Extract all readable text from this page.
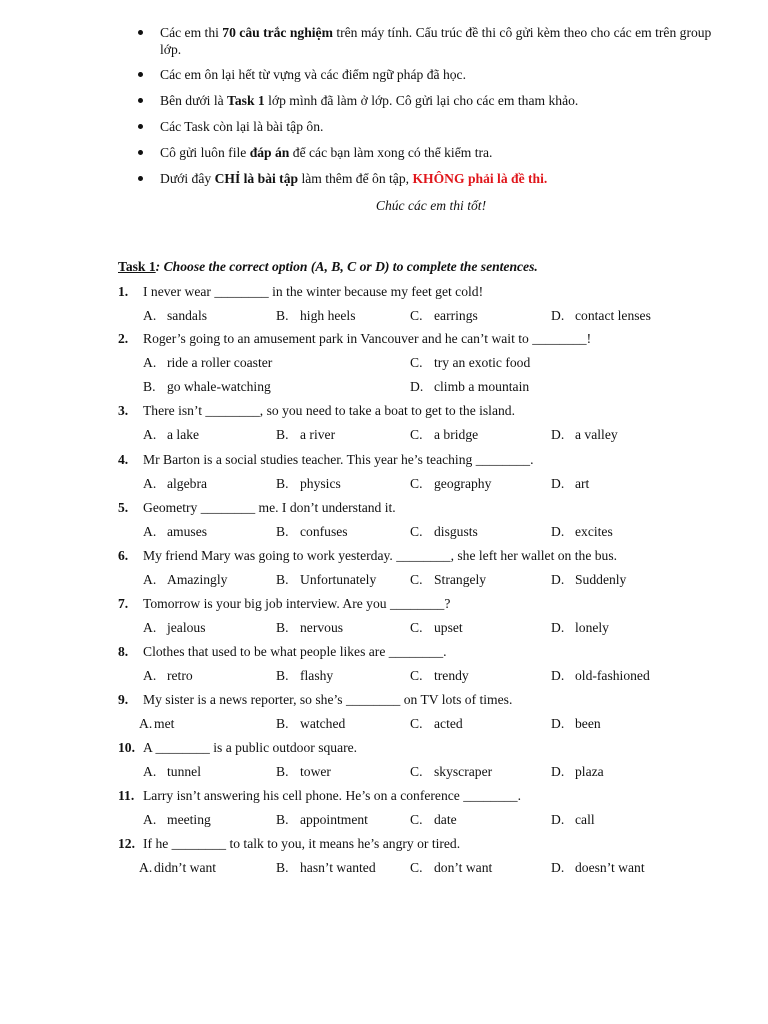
Các em thi 70 câu trắc nghiệm trên máy tính. Cấu trúc đề thi cô gửi kèm theo cho các em trên group lớp.
Các em ôn lại hết từ vựng và các điểm ngữ pháp đã học.
Bên dưới là Task 1 lớp mình đã làm ở lớp. Cô gửi lại cho các em tham khảo.
Các Task còn lại là bài tập ôn.
Cô gửi luôn file đáp án để các bạn làm xong có thể kiểm tra.
Dưới đây CHỈ là bài tập làm thêm để ôn tập, KHÔNG phải là đề thi.
Chúc các em thi tốt!
Task 1: Choose the correct option (A, B, C or D) to complete the sentences.
1. I never wear ________ in the winter because my feet get cold!
A. sandals	B. high heels	C. earrings	D. contact lenses
2. Roger’s going to an amusement park in Vancouver and he can’t wait to ________!
A. ride a roller coaster	C. try an exotic food
B. go whale-watching	D. climb a mountain
3. There isn’t ________, so you need to take a boat to get to the island.
A. a lake	B. a river	C. a bridge	D. a valley
4. Mr Barton is a social studies teacher. This year he’s teaching ________.
A. algebra	B. physics	C. geography	D. art
5. Geometry ________ me. I don’t understand it.
A. amuses	B. confuses	C. disgusts	D. excites
6. My friend Mary was going to work yesterday. ________, she left her wallet on the bus.
A. Amazingly	B. Unfortunately C. Strangely	D. Suddenly
7. Tomorrow is your big job interview. Are you ________?
A. jealous	B. nervous	C. upset	D. lonely
8. Clothes that used to be what people likes are ________.
A. retro	B. flashy	C. trendy	D. old-fashioned
9. My sister is a news reporter, so she’s ________ on TV lots of times.
A. met	B. watched	C. acted	D. been
10. A ________ is a public outdoor square.
A. tunnel	B. tower	C. skyscraper	D. plaza
11. Larry isn’t answering his cell phone. He’s on a conference ________.
A. meeting	B. appointment	C. date	D. call
12. If he ________ to talk to you, it means he’s angry or tired.
A. didn’t want	B. hasn’t wanted	C. don’t want	D. doesn’t want
